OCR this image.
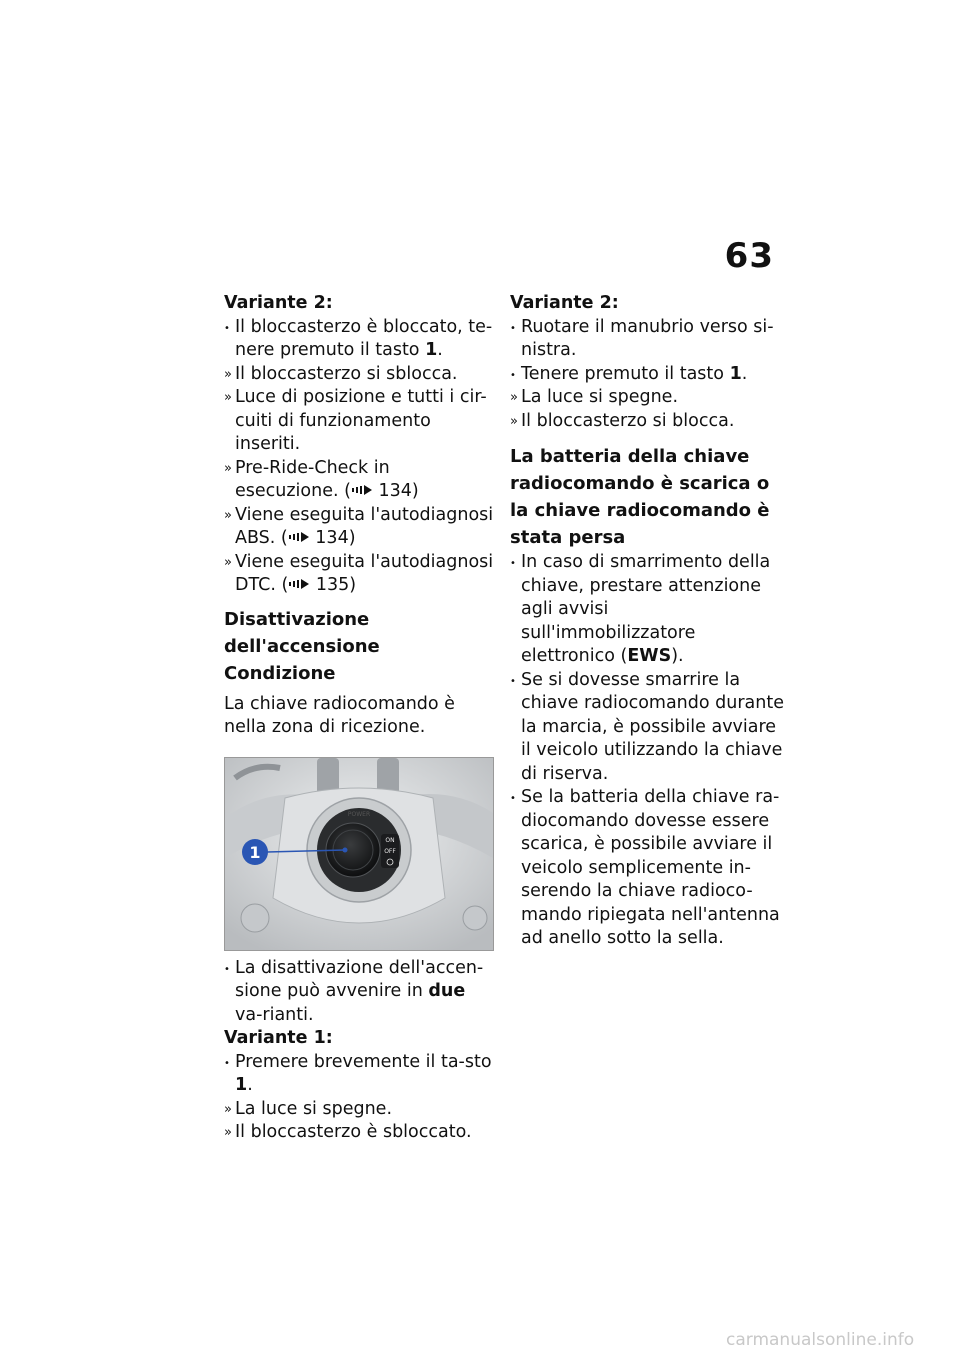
63
Variante 2:
• Il bloccasterzo è bloccato, te-nere premuto il tasto 1.
» Il bloccasterzo si sblocca.
» Luce di posizione e tutti i cir-cuiti di funzionamento inseriti.
» Pre-Ride-Check in esecuzione. ( 134)
» Viene eseguita l'autodiagnosi ABS. ( 134)
» Viene eseguita l'autodiagnosi DTC. ( 135)
Disattivazione dell'accensione
Condizione
La chiave radiocomando è nella zona di ricezione.
ON
OFF
POWER
1
• La disattivazione dell'accen-sione può avvenire in due va-rianti.
Variante 1:
• Premere brevemente il ta-sto 1.
» La luce si spegne.
» Il bloccasterzo è sbloccato.
Variante 2:
• Ruotare il manubrio verso si-nistra.
• Tenere premuto il tasto 1.
» La luce si spegne.
» Il bloccasterzo si blocca.
La batteria della chiave radiocomando è scarica o la chiave radiocomando è stata persa
• In caso di smarrimento della chiave, prestare attenzione agli avvisi sull'immobilizzatore elettronico (EWS).
• Se si dovesse smarrire la chiave radiocomando durante la marcia, è possibile avviare il veicolo utilizzando la chiave di riserva.
• Se la batteria della chiave ra-diocomando dovesse essere scarica, è possibile avviare il veicolo semplicemente in-serendo la chiave radioco-mando ripiegata nell'antenna ad anello sotto la sella.
carmanualsonline.info
